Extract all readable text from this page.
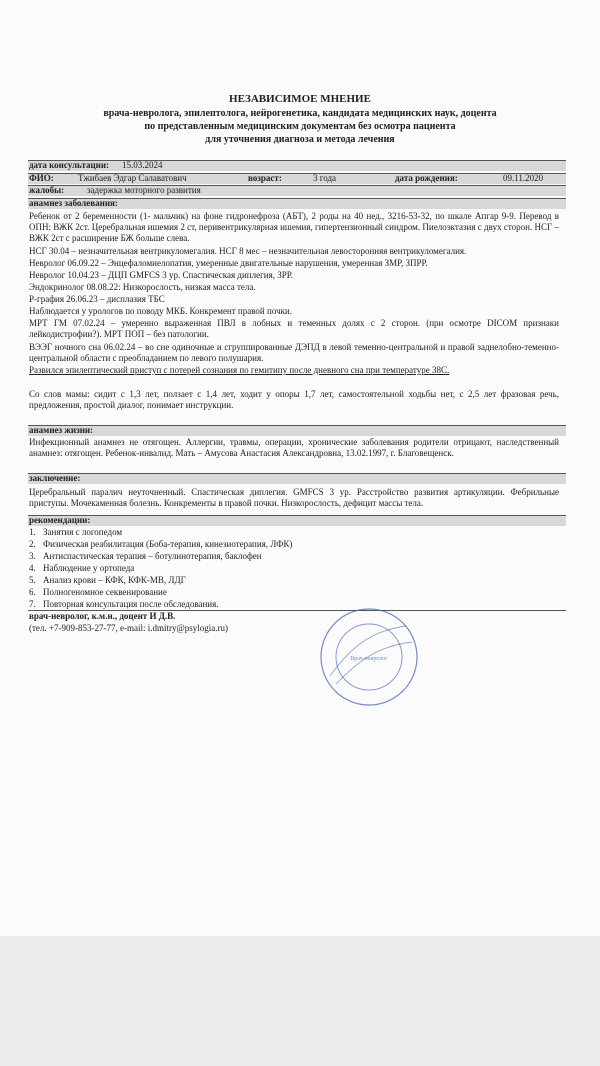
НЕЗАВИСИМОЕ МНЕНИЕ
врача-невролога, эпилептолога, нейрогенетика, кандидата медицинских наук, доцента
по представленным медицинским документам без осмотра пациента
для уточнения диагноза и метода лечения
дата консультации: 15.03.2024
ФИО:	Тжибаев Эдгар Салаватович	возраст:	3 года	дата рождения:	09.11.2020
жалобы:	задержка моторного развития
анамнез заболевания:
Ребенок от 2 беременности (1- мальчик) на фоне гидронефроза (АБТ), 2 роды на 40 нед., 3216-53-32, по шкале Апгар 9-9. Перевод в ОПН: ВЖК 2ст. Церебральная ишемия 2 ст, перивентрикулярная ишемия, гипертензионный синдром. Пиелоэктазия с двух сторон. НСГ – ВЖК 2ст с расширение БЖ больше слева.
НСГ 30.04 – незначительная вентрикуломегалия. НСГ 8 мес – незначительная левосторонняя вентрикуломегалия.
Невролог 06.09.22 – Энцефаломиелопатия, умеренные двигательные нарушения, умеренная ЗМР, ЗПРР.
Невролог 10.04.23 – ДЦП GMFCS 3 ур. Спастическая диплегия, ЗРР.
Эндокринолог 08.08.22: Низкорослость, низкая масса тела.
Р-графия 26.06.23 – дисплазия ТБС
Наблюдается у урологов по поводу МКБ. Конкремент правой почки.
МРТ ГМ 07.02.24 – умеренно выраженная ПВЛ в лобных и теменных долях с 2 сторон. (при осмотре DICOM признаки лейкодистрофии?). МРТ ПОП – без патологии.
ВЭЭГ ночного сна 06.02.24 – во сне одиночные и сгруппированные ДЭПД в левой теменно-центральной и правой заднелобно-теменно-центральной области с преобладанием по левого полушария.
Развился эпилептический приступ с потерей сознания по гемитипу после дневного сна при температуре 38С.
Со слов мамы: сидит с 1,3 лет, ползает с 1,4 лет, ходит у опоры 1,7 лет, самостоятельной ходьбы нет, с 2,5 лет фразовая речь, предложения, простой диалог, понимает инструкции.
анамнез жизни:
Инфекционный анамнез не отягощен. Аллергии, травмы, операции, хронические заболевания родители отрицают, наследственный анамнез: отягощен. Ребенок-инвалид. Мать – Амусова Анастасия Александровна, 13.02.1997, г. Благовещенск.
заключение:
Церебральный паралич неуточненный. Спастическая диплегия. GMFCS 3 ур. Расстройство развития артикуляции. Фебрильные приступы. Мочекаменная болезнь. Конкременты в правой почки. Низкорослость, дефицит массы тела.
рекомендации:
1. Занятия с логопедом
2. Физическая реабилитация (Боба-терапия, кинезиотерапия, ЛФК)
3. Антиспастическая терапия – ботулинотерапия, баклофен
4. Наблюдение у ортопеда
5. Анализ крови – КФК, КФК-МВ, ЛДГ
6. Полногеномное секвенирование
7. Повторная консультация после обследования.
врач-невролог, к.м.н., доцент И Д.В.
(тел. +7-909-853-27-77, e-mail: i.dmitry@psylogia.ru)
Врач-невролог
